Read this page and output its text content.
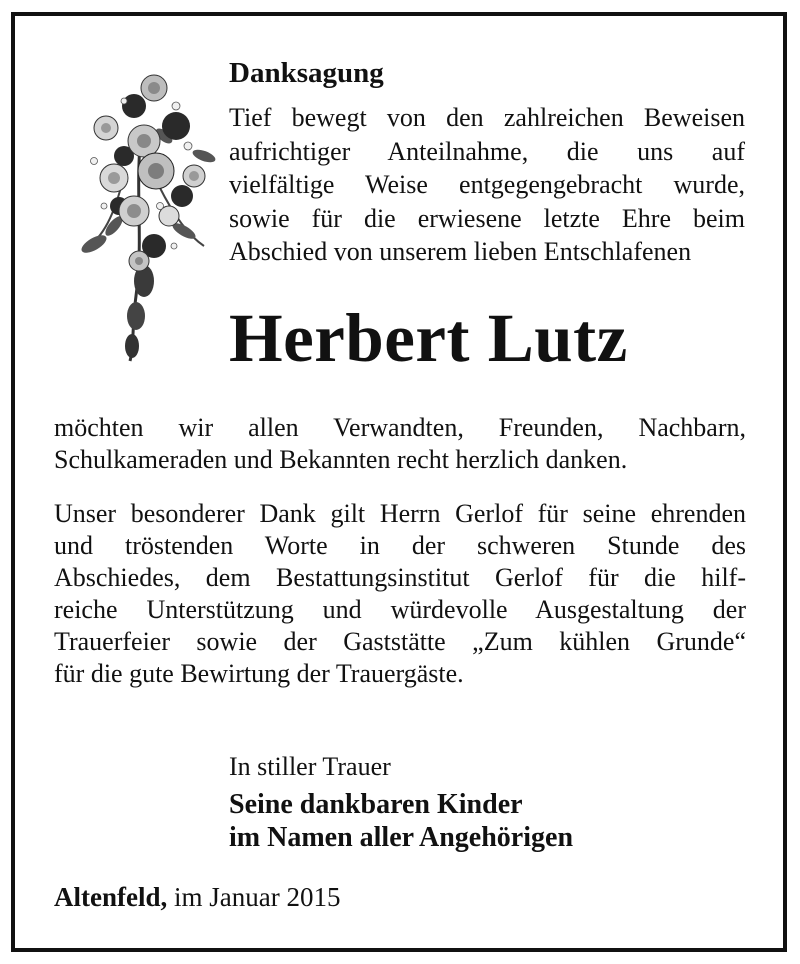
Danksagung
Tief bewegt von den zahlreichen Beweisen
aufrichtiger Anteilnahme, die uns auf
vielfältige Weise entgegengebracht wurde,
sowie für die erwiesene letzte Ehre beim
Abschied von unserem lieben Entschlafenen
Herbert Lutz
möchten wir allen Verwandten, Freunden, Nachbarn,
Schulkameraden und Bekannten recht herzlich danken.
Unser besonderer Dank gilt Herrn Gerlof für seine ehrenden
und tröstenden Worte in der schweren Stunde des
Abschiedes, dem Bestattungsinstitut Gerlof für die hilf-
reiche Unterstützung und würdevolle Ausgestaltung der
Trauerfeier sowie der Gaststätte „Zum kühlen Grunde“
für die gute Bewirtung der Trauergäste.

In stiller Trauer

Seine dankbaren Kinder
im Namen aller Angehörigen

Altenfeld, im Januar 2015
